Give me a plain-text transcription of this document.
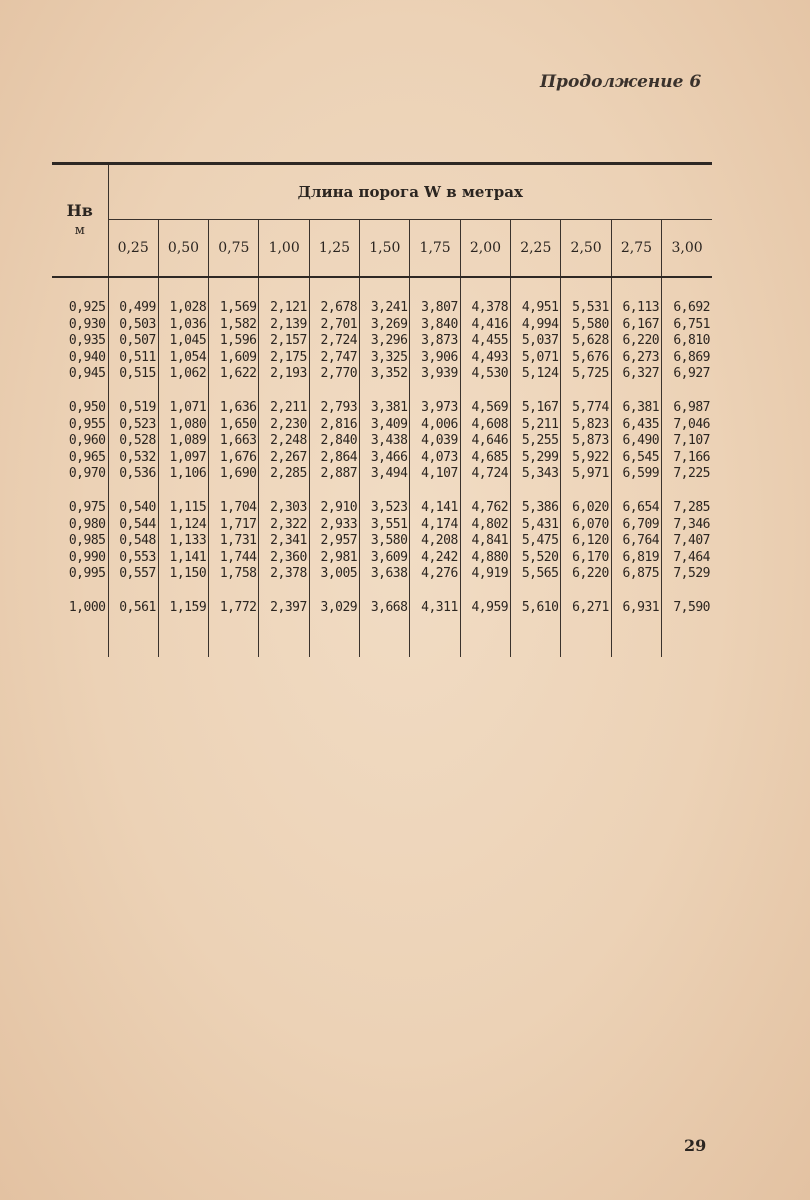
Продолжение 6
Hв
м	Длина порога W в метрах											
	0,25	0,50	0,75	1,00	1,25	1,50	1,75	2,00	2,25	2,50	2,75	3,00

0,925	0,499	1,028	1,569	2,121	2,678	3,241	3,807	4,378	4,951	5,531	6,113	6,692
0,930	0,503	1,036	1,582	2,139	2,701	3,269	3,840	4,416	4,994	5,580	6,167	6,751
0,935	0,507	1,045	1,596	2,157	2,724	3,296	3,873	4,455	5,037	5,628	6,220	6,810
0,940	0,511	1,054	1,609	2,175	2,747	3,325	3,906	4,493	5,071	5,676	6,273	6,869
0,945	0,515	1,062	1,622	2,193	2,770	3,352	3,939	4,530	5,124	5,725	6,327	6,927

0,950	0,519	1,071	1,636	2,211	2,793	3,381	3,973	4,569	5,167	5,774	6,381	6,987
0,955	0,523	1,080	1,650	2,230	2,816	3,409	4,006	4,608	5,211	5,823	6,435	7,046
0,960	0,528	1,089	1,663	2,248	2,840	3,438	4,039	4,646	5,255	5,873	6,490	7,107
0,965	0,532	1,097	1,676	2,267	2,864	3,466	4,073	4,685	5,299	5,922	6,545	7,166
0,970	0,536	1,106	1,690	2,285	2,887	3,494	4,107	4,724	5,343	5,971	6,599	7,225

0,975	0,540	1,115	1,704	2,303	2,910	3,523	4,141	4,762	5,386	6,020	6,654	7,285
0,980	0,544	1,124	1,717	2,322	2,933	3,551	4,174	4,802	5,431	6,070	6,709	7,346
0,985	0,548	1,133	1,731	2,341	2,957	3,580	4,208	4,841	5,475	6,120	6,764	7,407
0,990	0,553	1,141	1,744	2,360	2,981	3,609	4,242	4,880	5,520	6,170	6,819	7,464
0,995	0,557	1,150	1,758	2,378	3,005	3,638	4,276	4,919	5,565	6,220	6,875	7,529

1,000	0,561	1,159	1,772	2,397	3,029	3,668	4,311	4,959	5,610	6,271	6,931	7,590

29
